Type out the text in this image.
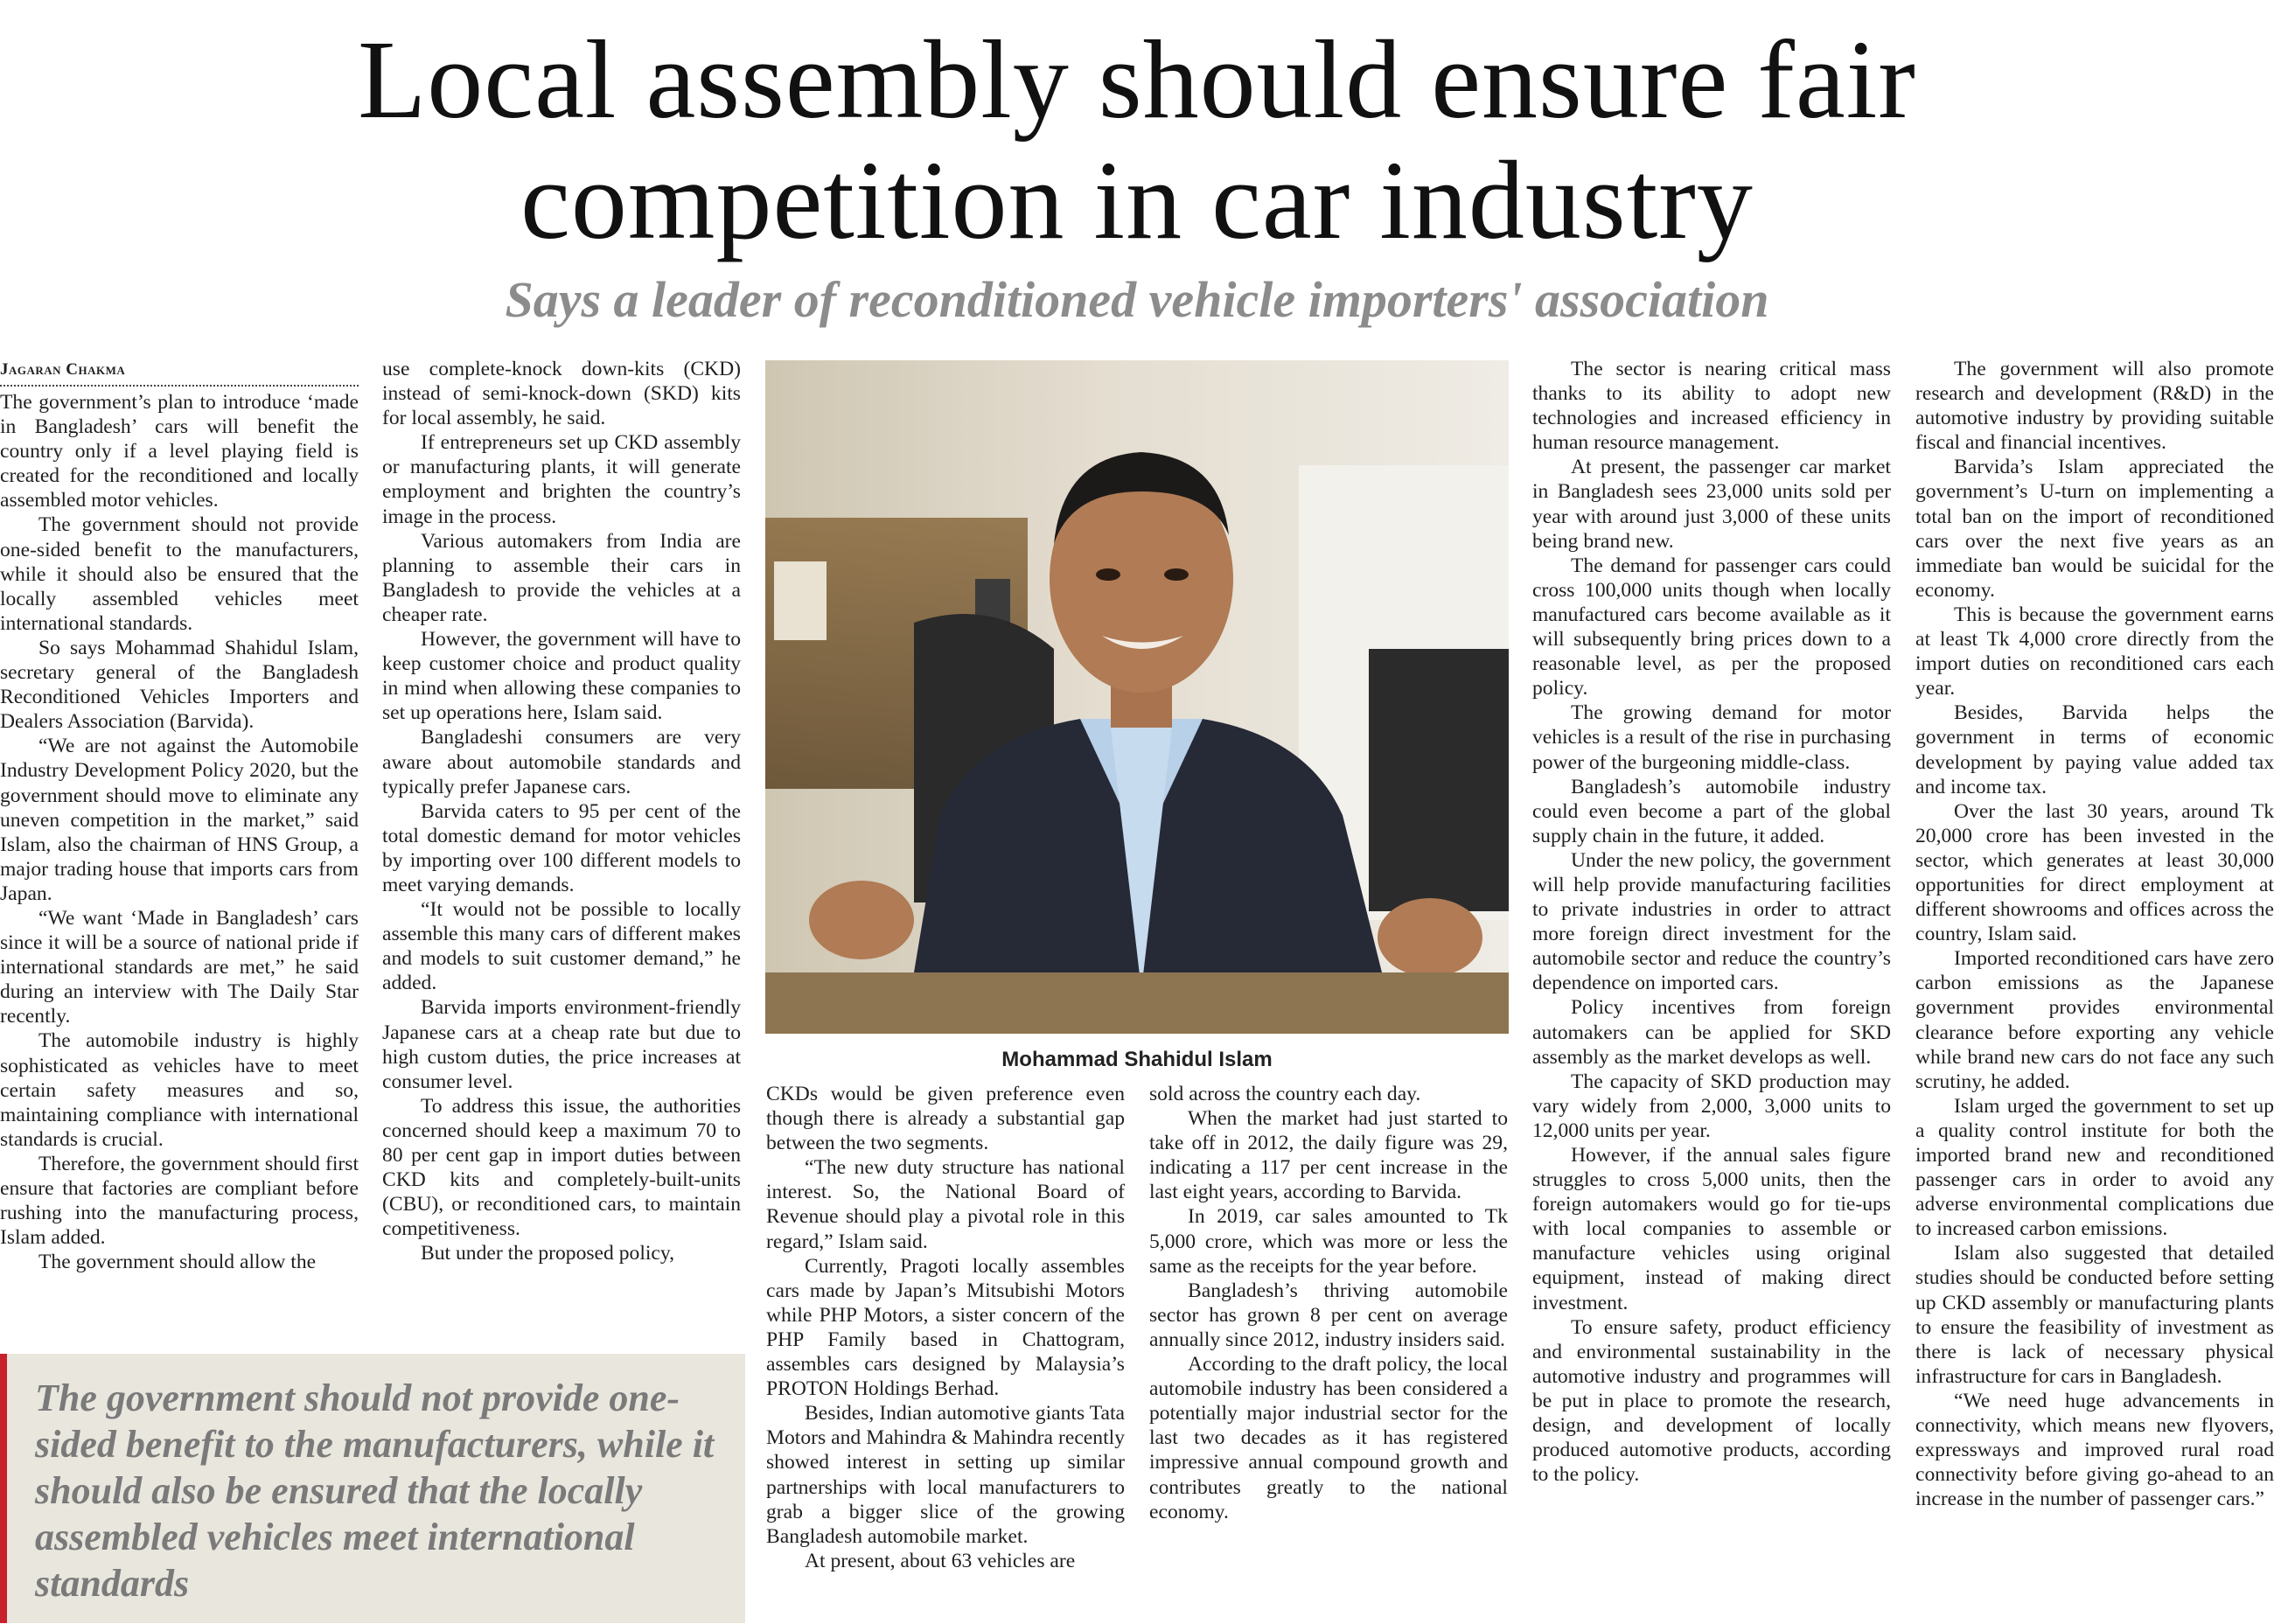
Local assembly should ensure fair
competition in car industry
Says a leader of reconditioned vehicle importers' association
Jagaran Chakma

The government’s plan to introduce ‘made in Bangladesh’ cars will benefit the country only if a level playing field is created for the reconditioned and locally assembled motor vehicles.

The government should not provide one-sided benefit to the manufacturers, while it should also be ensured that the locally assembled vehicles meet international standards.

So says Mohammad Shahidul Islam, secretary general of the Bangladesh Reconditioned Vehicles Importers and Dealers Association (Barvida).

“We are not against the Automobile Industry Development Policy 2020, but the government should move to eliminate any uneven competition in the market,” said Islam, also the chairman of HNS Group, a major trading house that imports cars from Japan.

“We want ‘Made in Bangladesh’ cars since it will be a source of national pride if international standards are met,” he said during an interview with The Daily Star recently.

The automobile industry is highly sophisticated as vehicles have to meet certain safety measures and so, maintaining compliance with international standards is crucial.

Therefore, the government should first ensure that factories are compliant before rushing into the manufacturing process, Islam added.

The government should allow the

use complete-knock down-kits (CKD) instead of semi-knock-down (SKD) kits for local assembly, he said.

If entrepreneurs set up CKD assembly or manufacturing plants, it will generate employment and brighten the country’s image in the process.

Various automakers from India are planning to assemble their cars in Bangladesh to provide the vehicles at a cheaper rate.

However, the government will have to keep customer choice and product quality in mind when allowing these companies to set up operations here, Islam said.

Bangladeshi consumers are very aware about automobile standards and typically prefer Japanese cars.

Barvida caters to 95 per cent of the total domestic demand for motor vehicles by importing over 100 different models to meet varying demands.

“It would not be possible to locally assemble this many cars of different makes and models to suit customer demand,” he added.

Barvida imports environment-friendly Japanese cars at a cheap rate but due to high custom duties, the price increases at consumer level.

To address this issue, the authorities concerned should keep a maximum 70 to 80 per cent gap in import duties between CKD kits and completely-built-units (CBU), or reconditioned cars, to maintain competitiveness.

But under the proposed policy,

Mohammad Shahidul Islam

CKDs would be given preference even though there is already a substantial gap between the two segments.

“The new duty structure has national interest. So, the National Board of Revenue should play a pivotal role in this regard,” Islam said.

Currently, Pragoti locally assembles cars made by Japan’s Mitsubishi Motors while PHP Motors, a sister concern of the PHP Family based in Chattogram, assembles cars designed by Malaysia’s PROTON Holdings Berhad.

Besides, Indian automotive giants Tata Motors and Mahindra & Mahindra recently showed interest in setting up similar partnerships with local manufacturers to grab a bigger slice of the growing Bangladesh automobile market.

At present, about 63 vehicles are

sold across the country each day.

When the market had just started to take off in 2012, the daily figure was 29, indicating a 117 per cent increase in the last eight years, according to Barvida.

In 2019, car sales amounted to Tk 5,000 crore, which was more or less the same as the receipts for the year before.

Bangladesh’s thriving automobile sector has grown 8 per cent on average annually since 2012, industry insiders said.

According to the draft policy, the local automobile industry has been considered a potentially major industrial sector for the last two decades as it has registered impressive annual compound growth and contributes greatly to the national economy.

The sector is nearing critical mass thanks to its ability to adopt new technologies and increased efficiency in human resource management.

At present, the passenger car market in Bangladesh sees 23,000 units sold per year with around just 3,000 of these units being brand new.

The demand for passenger cars could cross 100,000 units though when locally manufactured cars become available as it will subsequently bring prices down to a reasonable level, as per the proposed policy.

The growing demand for motor vehicles is a result of the rise in purchasing power of the burgeoning middle-class.

Bangladesh’s automobile industry could even become a part of the global supply chain in the future, it added.

Under the new policy, the government will help provide manufacturing facilities to private industries in order to attract more foreign direct investment for the automobile sector and reduce the country’s dependence on imported cars.

Policy incentives from foreign automakers can be applied for SKD assembly as the market develops as well.

The capacity of SKD production may vary widely from 2,000, 3,000 units to 12,000 units per year.

However, if the annual sales figure struggles to cross 5,000 units, then the foreign automakers would go for tie-ups with local companies to assemble or manufacture vehicles using original equipment, instead of making direct investment.

To ensure safety, product efficiency and environmental sustainability in the automotive industry and programmes will be put in place to promote the research, design, and development of locally produced automotive products, according to the policy.

The government will also promote research and development (R&D) in the automotive industry by providing suitable fiscal and financial incentives.

Barvida’s Islam appreciated the government’s U-turn on implementing a total ban on the import of reconditioned cars over the next five years as an immediate ban would be suicidal for the economy.

This is because the government earns at least Tk 4,000 crore directly from the import duties on reconditioned cars each year.

Besides, Barvida helps the government in terms of economic development by paying value added tax and income tax.

Over the last 30 years, around Tk 20,000 crore has been invested in the sector, which generates at least 30,000 opportunities for direct employment at different showrooms and offices across the country, Islam said.

Imported reconditioned cars have zero carbon emissions as the Japanese government provides environmental clearance before exporting any vehicle while brand new cars do not face any such scrutiny, he added.

Islam urged the government to set up a quality control institute for both the imported brand new and reconditioned passenger cars in order to avoid any adverse environmental complications due to increased carbon emissions.

Islam also suggested that detailed studies should be conducted before setting up CKD assembly or manufacturing plants to ensure the feasibility of investment as there is lack of necessary physical infrastructure for cars in Bangladesh.

“We need huge advancements in connectivity, which means new flyovers, expressways and improved rural road connectivity before giving go-ahead to an increase in the number of passenger cars.”

The government should not provide one-sided benefit to the manufacturers, while it should also be ensured that the locally assembled vehicles meet international standards
